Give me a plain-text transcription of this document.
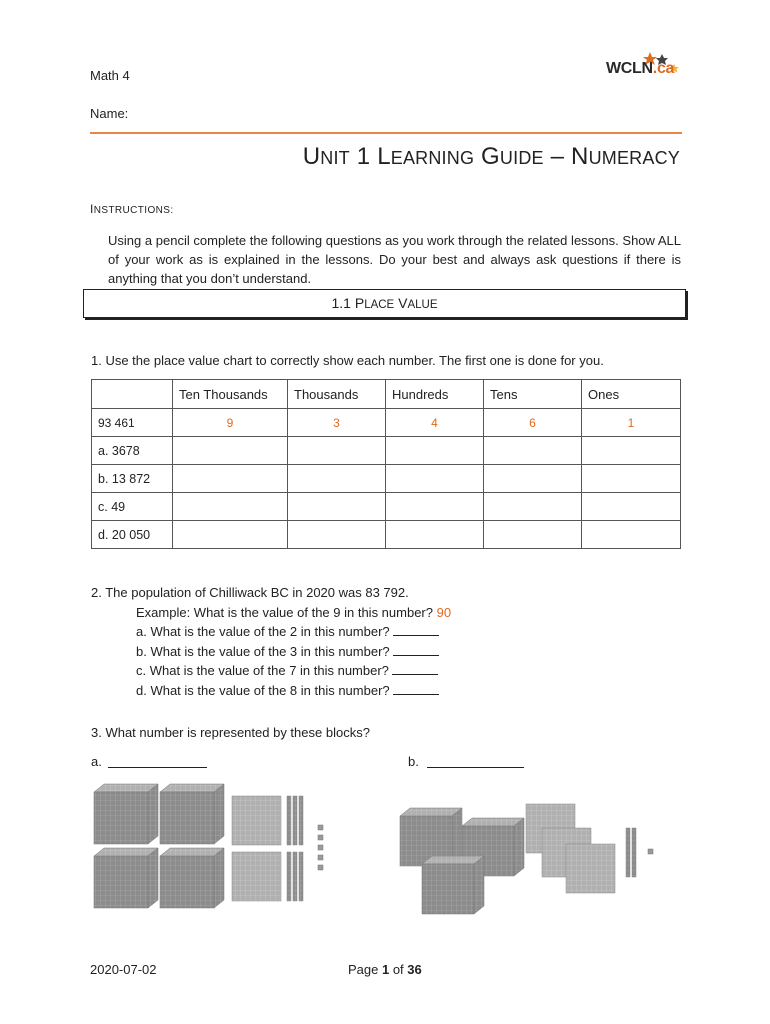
Math 4
Name:
WCLN.ca
UNIT 1 LEARNING GUIDE – NUMERACY
INSTRUCTIONS:
Using a pencil complete the following questions as you work through the related lessons. Show ALL of your work as is explained in the lessons. Do your best and always ask questions if there is anything that you don’t understand.
1.1 PLACE VALUE
1. Use the place value chart to correctly show each number. The first one is done for you.
	Ten Thousands	Thousands	Hundreds	Tens	Ones
93 461	9	3	4	6	1
a. 3678					
b. 13 872					
c. 49					
d. 20 050					
2. The population of Chilliwack BC in 2020 was 83 792.
Example: What is the value of the 9 in this number? 90
a. What is the value of the 2 in this number?
b. What is the value of the 3 in this number?
c. What is the value of the 7 in this number?
d. What is the value of the 8 in this number?
3. What number is represented by these blocks?
a.	b.
2020-07-02	Page 1 of 36
